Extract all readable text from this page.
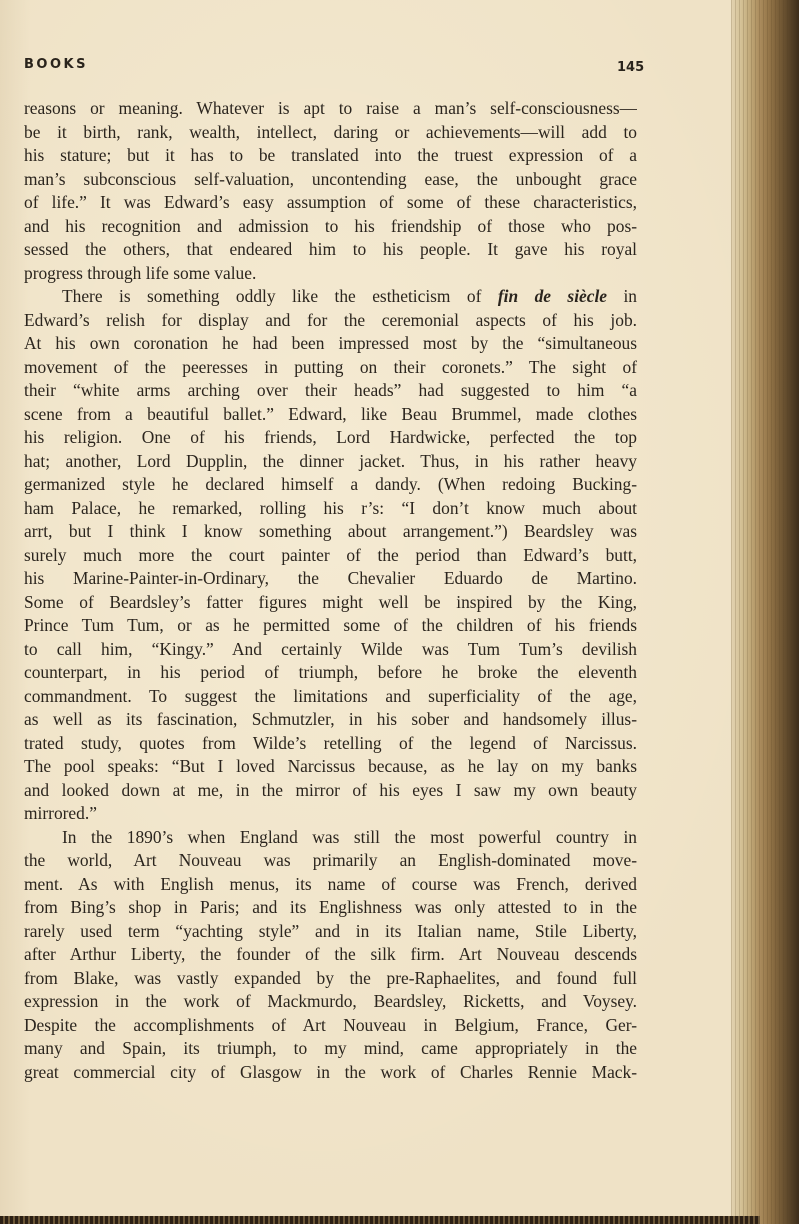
BOOKS	145
reasons or meaning. Whatever is apt to raise a man’s self-consciousness—
be it birth, rank, wealth, intellect, daring or achievements—will add to
his stature; but it has to be translated into the truest expression of a
man’s subconscious self-valuation, uncontending ease, the unbought grace
of life.” It was Edward’s easy assumption of some of these characteristics,
and his recognition and admission to his friendship of those who pos-
sessed the others, that endeared him to his people. It gave his royal
progress through life some value.
There is something oddly like the estheticism of fin de siècle in
Edward’s relish for display and for the ceremonial aspects of his job.
At his own coronation he had been impressed most by the “simultaneous
movement of the peeresses in putting on their coronets.” The sight of
their “white arms arching over their heads” had suggested to him “a
scene from a beautiful ballet.” Edward, like Beau Brummel, made clothes
his religion. One of his friends, Lord Hardwicke, perfected the top
hat; another, Lord Dupplin, the dinner jacket. Thus, in his rather heavy
germanized style he declared himself a dandy. (When redoing Bucking-
ham Palace, he remarked, rolling his r’s: “I don’t know much about
arrt, but I think I know something about arrangement.”) Beardsley was
surely much more the court painter of the period than Edward’s butt,
his Marine-Painter-in-Ordinary, the Chevalier Eduardo de Martino.
Some of Beardsley’s fatter figures might well be inspired by the King,
Prince Tum Tum, or as he permitted some of the children of his friends
to call him, “Kingy.” And certainly Wilde was Tum Tum’s devilish
counterpart, in his period of triumph, before he broke the eleventh
commandment. To suggest the limitations and superficiality of the age,
as well as its fascination, Schmutzler, in his sober and handsomely illus-
trated study, quotes from Wilde’s retelling of the legend of Narcissus.
The pool speaks: “But I loved Narcissus because, as he lay on my banks
and looked down at me, in the mirror of his eyes I saw my own beauty
mirrored.”
In the 1890’s when England was still the most powerful country in
the world, Art Nouveau was primarily an English-dominated move-
ment. As with English menus, its name of course was French, derived
from Bing’s shop in Paris; and its Englishness was only attested to in the
rarely used term “yachting style” and in its Italian name, Stile Liberty,
after Arthur Liberty, the founder of the silk firm. Art Nouveau descends
from Blake, was vastly expanded by the pre-Raphaelites, and found full
expression in the work of Mackmurdo, Beardsley, Ricketts, and Voysey.
Despite the accomplishments of Art Nouveau in Belgium, France, Ger-
many and Spain, its triumph, to my mind, came appropriately in the
great commercial city of Glasgow in the work of Charles Rennie Mack-
